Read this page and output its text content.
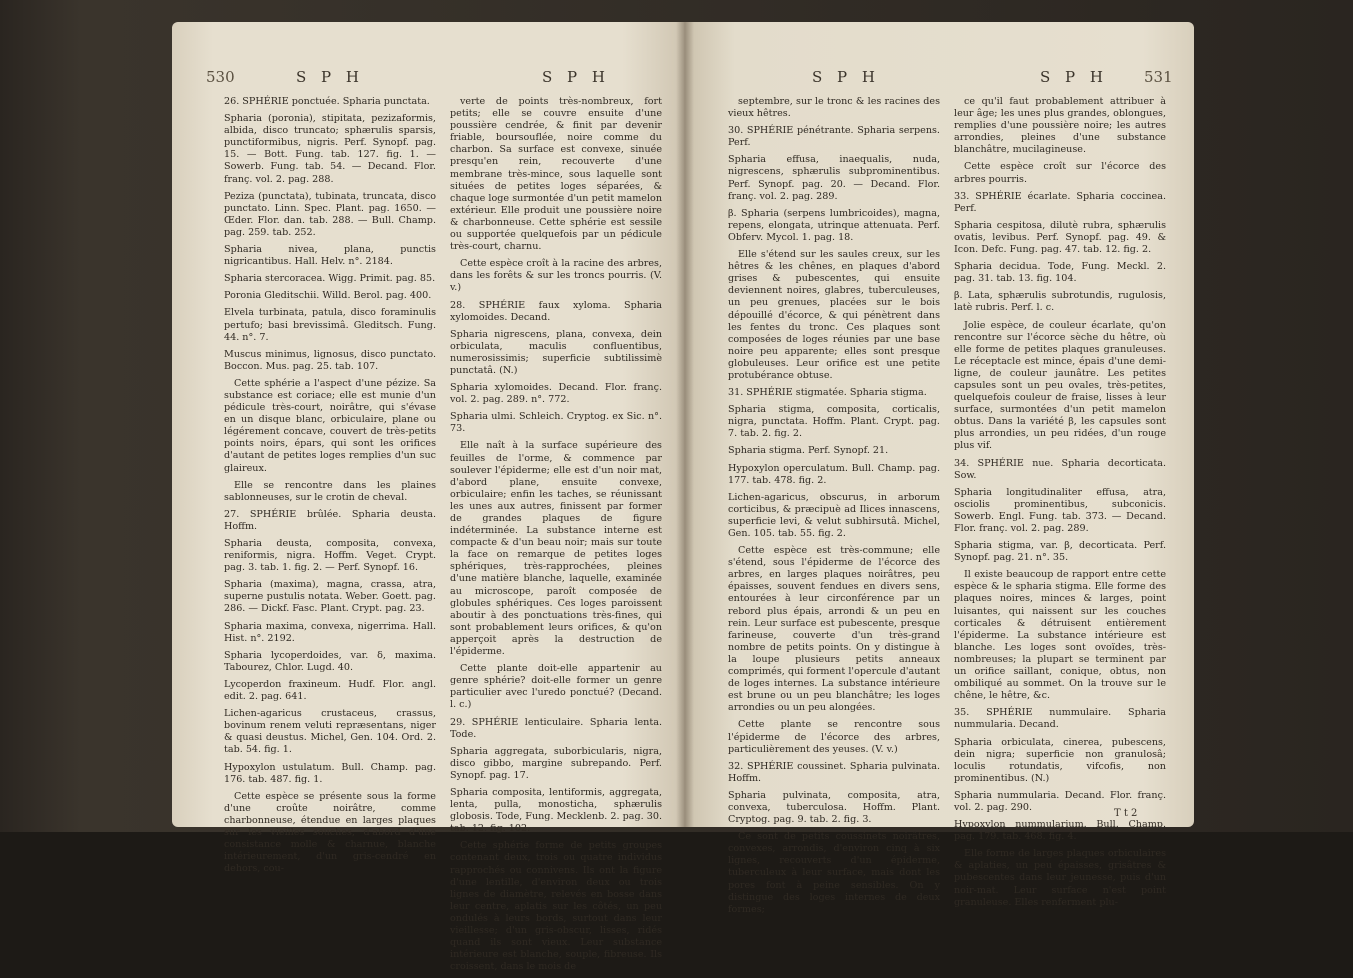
530	S P H	S P H

26. SPHÉRIE ponctuée. Spharia punctata.

Spharia (poronia), stipitata, pezizaformis, albida, disco truncato; sphærulis sparsis, punctiformibus, nigris. Perf. Synopf. pag. 15. — Bott. Fung. tab. 127. fig. 1. — Sowerb. Fung. tab. 54. — Decand. Flor. franç. vol. 2. pag. 288.

Peziza (punctata), tubinata, truncata, disco punctato. Linn. Spec. Plant. pag. 1650. — Œder. Flor. dan. tab. 288. — Bull. Champ. pag. 259. tab. 252.

Spharia nivea, plana, punctis nigricantibus. Hall. Helv. n°. 2184.

Spharia stercoracea. Wigg. Primit. pag. 85.

Poronia Gleditschii. Willd. Berol. pag. 400.

Elvela turbinata, patula, disco foraminulis pertufo; basi brevissimâ. Gleditsch. Fung. 44. n°. 7.

Muscus minimus, lignosus, disco punctato. Boccon. Mus. pag. 25. tab. 107.

Cette sphérie a l'aspect d'une pézize. Sa substance est coriace; elle est munie d'un pédicule très-court, noirâtre, qui s'évase en un disque blanc, orbiculaire, plane ou légérement concave, couvert de très-petits points noirs, épars, qui sont les orifices d'autant de petites loges remplies d'un suc glaireux.

Elle se rencontre dans les plaines sablonneuses, sur le crotin de cheval.

27. SPHÉRIE brûlée. Spharia deusta. Hoffm.

Spharia deusta, composita, convexa, reniformis, nigra. Hoffm. Veget. Crypt. pag. 3. tab. 1. fig. 2. — Perf. Synopf. 16.

Spharia (maxima), magna, crassa, atra, superne pustulis notata. Weber. Goett. pag. 286. — Dickf. Fasc. Plant. Crypt. pag. 23.

Spharia maxima, convexa, nigerrima. Hall. Hist. n°. 2192.

Spharia lycoperdoides, var. δ, maxima. Tabourez, Chlor. Lugd. 40.

Lycoperdon fraxineum. Hudf. Flor. angl. edit. 2. pag. 641.

Lichen-agaricus crustaceus, crassus, bovinum renem veluti repræsentans, niger & quasi deustus. Michel, Gen. 104. Ord. 2. tab. 54. fig. 1.

Hypoxylon ustulatum. Bull. Champ. pag. 176. tab. 487. fig. 1.

Cette espèce se présente sous la forme d'une croûte noirâtre, comme charbonneuse, étendue en larges plaques sur les vieilles souches, d'abord d'une consistance molle & charnue, blanche intérieurement, d'un gris-cendré en dehors, cou-

verte de points très-nombreux, fort petits; elle se couvre ensuite d'une poussière cendrée, & finit par devenir friable, boursouflée, noire comme du charbon. Sa surface est convexe, sinuée presqu'en rein, recouverte d'une membrane très-mince, sous laquelle sont situées de petites loges séparées, & chaque loge surmontée d'un petit mamelon extérieur. Elle produit une poussière noire & charbonneuse. Cette sphérie est sessile ou supportée quelquefois par un pédicule très-court, charnu.

Cette espèce croît à la racine des arbres, dans les forêts & sur les troncs pourris. (V. v.)

28. SPHÉRIE faux xyloma. Spharia xylomoides. Decand.

Spharia nigrescens, plana, convexa, dein orbiculata, maculis confluentibus, numerosissimis; superficie subtilissimè punctatâ. (N.)

Spharia xylomoides. Decand. Flor. franç. vol. 2. pag. 289. n°. 772.

Spharia ulmi. Schleich. Cryptog. ex Sic. n°. 73.

Elle naît à la surface supérieure des feuilles de l'orme, & commence par soulever l'épiderme; elle est d'un noir mat, d'abord plane, ensuite convexe, orbiculaire; enfin les taches, se réunissant les unes aux autres, finissent par former de grandes plaques de figure indéterminée. La substance interne est compacte & d'un beau noir; mais sur toute la face on remarque de petites loges sphériques, très-rapprochées, pleines d'une matière blanche, laquelle, examinée au microscope, paroît composée de globules sphériques. Ces loges paroissent aboutir à des ponctuations très-fines, qui sont probablement leurs orifices, & qu'on apperçoit après la destruction de l'épiderme.

Cette plante doit-elle appartenir au genre sphérie? doit-elle former un genre particulier avec l'uredo ponctué? (Decand. l. c.)

29. SPHÉRIE lenticulaire. Spharia lenta. Tode.

Spharia aggregata, suborbicularis, nigra, disco gibbo, margine subrepando. Perf. Synopf. pag. 17.

Spharia composita, lentiformis, aggregata, lenta, pulla, monosticha, sphærulis globosis. Tode, Fung. Mecklenb. 2. pag. 30. tab. 12. fig. 102.

Cette sphérie forme de petits groupes contenant deux, trois ou quatre individus rapprochés ou connivens. Ils ont la figure d'une lentille, d'environ deux ou trois lignes de diamètre, relevés en bosse dans leur centre, aplatis sur les côtés, un peu ondulés à leurs bords, surtout dans leur vieillesse; d'un gris-obscur, lisses, ridés quand ils sont vieux. Leur substance intérieure est blanche, souple, fibreuse. Ils croissent, dans le mois de

S P H	S P H 531

septembre, sur le tronc & les racines des vieux hêtres.

30. SPHÉRIE pénétrante. Spharia serpens. Perf.

Spharia effusa, inaequalis, nuda, nigrescens, sphærulis subprominentibus. Perf. Synopf. pag. 20. — Decand. Flor. franç. vol. 2. pag. 289.

β. Spharia (serpens lumbricoides), magna, repens, elongata, utrinque attenuata. Perf. Obferv. Mycol. 1. pag. 18.

Elle s'étend sur les saules creux, sur les hêtres & les chênes, en plaques d'abord grises & pubescentes, qui ensuite deviennent noires, glabres, tuberculeuses, un peu grenues, placées sur le bois dépouillé d'écorce, & qui pénètrent dans les fentes du tronc. Ces plaques sont composées de loges réunies par une base noire peu apparente; elles sont presque globuleuses. Leur orifice est une petite protubérance obtuse.

31. SPHÉRIE stigmatée. Spharia stigma.

Spharia stigma, composita, corticalis, nigra, punctata. Hoffm. Plant. Crypt. pag. 7. tab. 2. fig. 2.

Spharia stigma. Perf. Synopf. 21.

Hypoxylon operculatum. Bull. Champ. pag. 177. tab. 478. fig. 2.

Lichen-agaricus, obscurus, in arborum corticibus, & præcipuè ad Ilices innascens, superficie levi, & velut subhirsutâ. Michel, Gen. 105. tab. 55. fig. 2.

Cette espèce est très-commune; elle s'étend, sous l'épiderme de l'écorce des arbres, en larges plaques noirâtres, peu épaisses, souvent fendues en divers sens, entourées à leur circonférence par un rebord plus épais, arrondi & un peu en rein. Leur surface est pubescente, presque farineuse, couverte d'un très-grand nombre de petits points. On y distingue à la loupe plusieurs petits anneaux comprimés, qui forment l'opercule d'autant de loges internes. La substance intérieure est brune ou un peu blanchâtre; les loges arrondies ou un peu alongées.

Cette plante se rencontre sous l'épiderme de l'écorce des arbres, particulièrement des yeuses. (V. v.)

32. SPHÉRIE coussinet. Spharia pulvinata. Hoffm.

Spharia pulvinata, composita, atra, convexa, tuberculosa. Hoffm. Plant. Cryptog. pag. 9. tab. 2. fig. 3.

Ce sont de petits coussinets noirâtres, convexes, arrondis, d'environ cinq à six lignes, recouverts d'un épiderme, tuberculeux à leur surface, mais dont les pores font à peine sensibles. On y distingue des loges internes de deux formes;

ce qu'il faut probablement attribuer à leur âge; les unes plus grandes, oblongues, remplies d'une poussière noire; les autres arrondies, pleines d'une substance blanchâtre, mucilagineuse.

Cette espèce croît sur l'écorce des arbres pourris.

33. SPHÉRIE écarlate. Spharia coccinea. Perf.

Spharia cespitosa, dilutè rubra, sphærulis ovatis, levibus. Perf. Synopf. pag. 49. & Icon. Defc. Fung. pag. 47. tab. 12. fig. 2.

Spharia decidua. Tode, Fung. Meckl. 2. pag. 31. tab. 13. fig. 104.

β. Lata, sphærulis subrotundis, rugulosis, latè rubris. Perf. l. c.

Jolie espèce, de couleur écarlate, qu'on rencontre sur l'écorce sèche du hêtre, où elle forme de petites plaques granuleuses. Le réceptacle est mince, épais d'une demi-ligne, de couleur jaunâtre. Les petites capsules sont un peu ovales, très-petites, quelquefois couleur de fraise, lisses à leur surface, surmontées d'un petit mamelon obtus. Dans la variété β, les capsules sont plus arrondies, un peu ridées, d'un rouge plus vif.

34. SPHÉRIE nue. Spharia decorticata. Sow.

Spharia longitudinaliter effusa, atra, osciolis prominentibus, subconicis. Sowerb. Engl. Fung. tab. 373. — Decand. Flor. franç. vol. 2. pag. 289.

Spharia stigma, var. β, decorticata. Perf. Synopf. pag. 21. n°. 35.

Il existe beaucoup de rapport entre cette espèce & le spharia stigma. Elle forme des plaques noires, minces & larges, point luisantes, qui naissent sur les couches corticales & détruisent entièrement l'épiderme. La substance intérieure est blanche. Les loges sont ovoïdes, très-nombreuses; la plupart se terminent par un orifice saillant, conique, obtus, non ombiliqué au sommet. On la trouve sur le chêne, le hêtre, &c.

35. SPHÉRIE nummulaire. Spharia nummularia. Decand.

Spharia orbiculata, cinerea, pubescens, dein nigra; superficie non granulosâ; loculis rotundatis, vifcofis, non prominentibus. (N.)

Spharia nummularia. Decand. Flor. franç. vol. 2. pag. 290.

Hypoxylon nummularium. Bull. Champ. pag. 179. tab. 468. fig. 4.

Elle forme de larges plaques orbiculaires & aplaties, un peu épaisses, grisâtres & pubescentes dans leur jeunesse, puis d'un noir-mat. Leur surface n'est point granuleuse. Elles renferment plu-

T t 2
